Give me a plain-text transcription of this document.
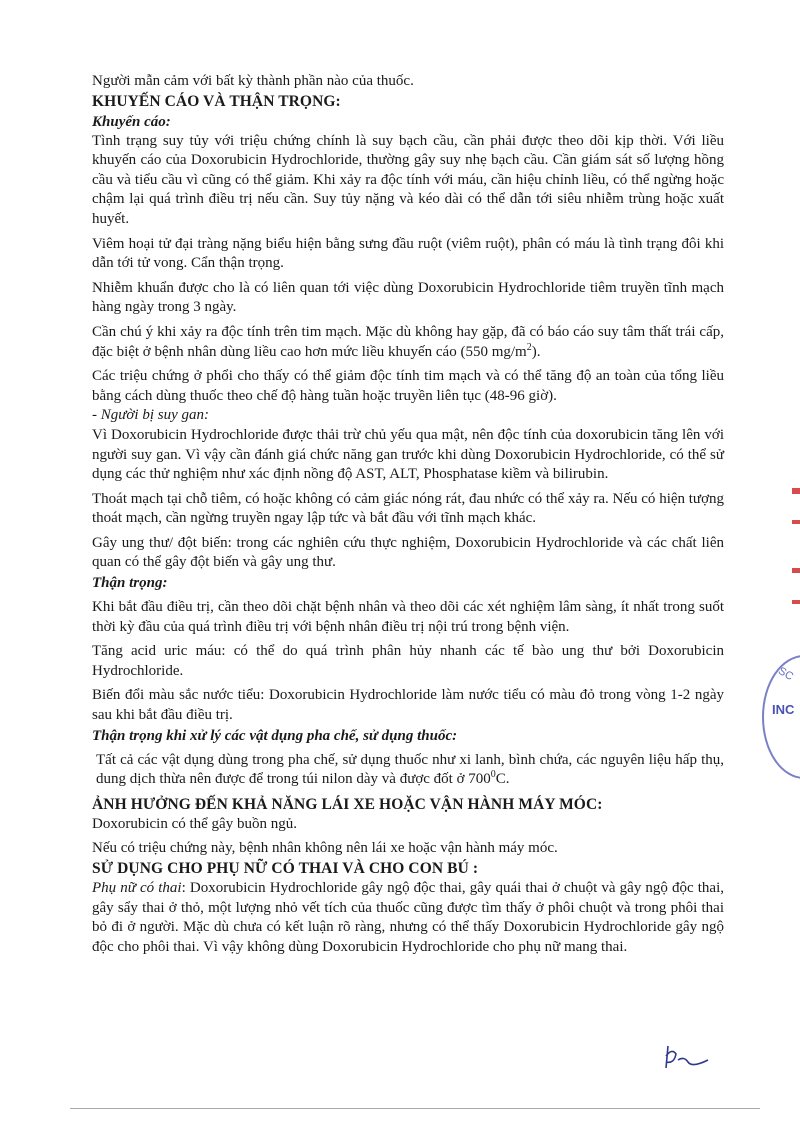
Người mẫn cảm với bất kỳ thành phần nào của thuốc.

KHUYẾN CÁO VÀ THẬN TRỌNG:

Khuyến cáo:

Tình trạng suy tủy với triệu chứng chính là suy bạch cầu, cần phải được theo dõi kịp thời. Với liều khuyến cáo của Doxorubicin Hydrochloride, thường gây suy nhẹ bạch cầu. Cần giám sát số lượng hồng cầu và tiểu cầu vì cũng có thể giảm. Khi xảy ra độc tính với máu, cần hiệu chỉnh liều, có thể ngừng hoặc chậm lại quá trình điều trị nếu cần. Suy tủy nặng và kéo dài có thể dẫn tới siêu nhiễm trùng hoặc xuất huyết.

Viêm hoại tử đại tràng nặng biểu hiện bằng sưng đầu ruột (viêm ruột), phân có máu là tình trạng đôi khi dẫn tới tử vong. Cẩn thận trọng.

Nhiễm khuẩn được cho là có liên quan tới việc dùng Doxorubicin Hydrochloride tiêm truyền tĩnh mạch hàng ngày trong 3 ngày.

Cần chú ý khi xảy ra độc tính trên tim mạch. Mặc dù không hay gặp, đã có báo cáo suy tâm thất trái cấp, đặc biệt ở bệnh nhân dùng liều cao hơn mức liều khuyến cáo (550 $mg/m^2$).

Các triệu chứng ở phổi cho thấy có thể giảm độc tính tim mạch và có thể tăng độ an toàn của tổng liều bằng cách dùng thuốc theo chế độ hàng tuần hoặc truyền liên tục (48-96 giờ).

- Người bị suy gan:

Vì Doxorubicin Hydrochloride được thải trừ chủ yếu qua mật, nên độc tính của doxorubicin tăng lên với người suy gan. Vì vậy cần đánh giá chức năng gan trước khi dùng Doxorubicin Hydrochloride, có thể sử dụng các thử nghiệm như xác định nồng độ AST, ALT, Phosphatase kiềm và bilirubin.

Thoát mạch tại chỗ tiêm, có hoặc không có cảm giác nóng rát, đau nhức có thể xảy ra. Nếu có hiện tượng thoát mạch, cần ngừng truyền ngay lập tức và bắt đầu với tĩnh mạch khác.

Gây ung thư/ đột biến: trong các nghiên cứu thực nghiệm, Doxorubicin Hydrochloride và các chất liên quan có thể gây đột biến và gây ung thư.

Thận trọng:

Khi bắt đầu điều trị, cần theo dõi chặt bệnh nhân và theo dõi các xét nghiệm lâm sàng, ít nhất trong suốt thời kỳ đầu của quá trình điều trị với bệnh nhân điều trị nội trú trong bệnh viện.

Tăng acid uric máu: có thể do quá trình phân hủy nhanh các tế bào ung thư bởi Doxorubicin Hydrochloride.

Biến đổi màu sắc nước tiểu: Doxorubicin Hydrochloride làm nước tiểu có màu đỏ trong vòng 1-2 ngày sau khi bắt đầu điều trị.

Thận trọng khi xử lý các vật dụng pha chế, sử dụng thuốc:

Tất cả các vật dụng dùng trong pha chế, sử dụng thuốc như xi lanh, bình chứa, các nguyên liệu hấp thụ, dung dịch thừa nên được để trong túi nilon dày và được đốt ở $700^0C$.

ẢNH HƯỞNG ĐẾN KHẢ NĂNG LÁI XE HOẶC VẬN HÀNH MÁY MÓC:

Doxorubicin có thể gây buồn ngủ.

Nếu có triệu chứng này, bệnh nhân không nên lái xe hoặc vận hành máy móc.

SỬ DỤNG CHO PHỤ NỮ CÓ THAI VÀ CHO CON BÚ :

Phụ nữ có thai: Doxorubicin Hydrochloride gây ngộ độc thai, gây quái thai ở chuột và gây ngộ độc thai, gây sẩy thai ở thỏ, một lượng nhỏ vết tích của thuốc cũng được tìm thấy ở phôi chuột và trong phôi thai bỏ đi ở người. Mặc dù chưa có kết luận rõ ràng, nhưng có thể thấy Doxorubicin Hydrochloride gây ngộ độc cho phôi thai. Vì vậy không dùng Doxorubicin Hydrochloride cho phụ nữ mang thai.

SC
INC
